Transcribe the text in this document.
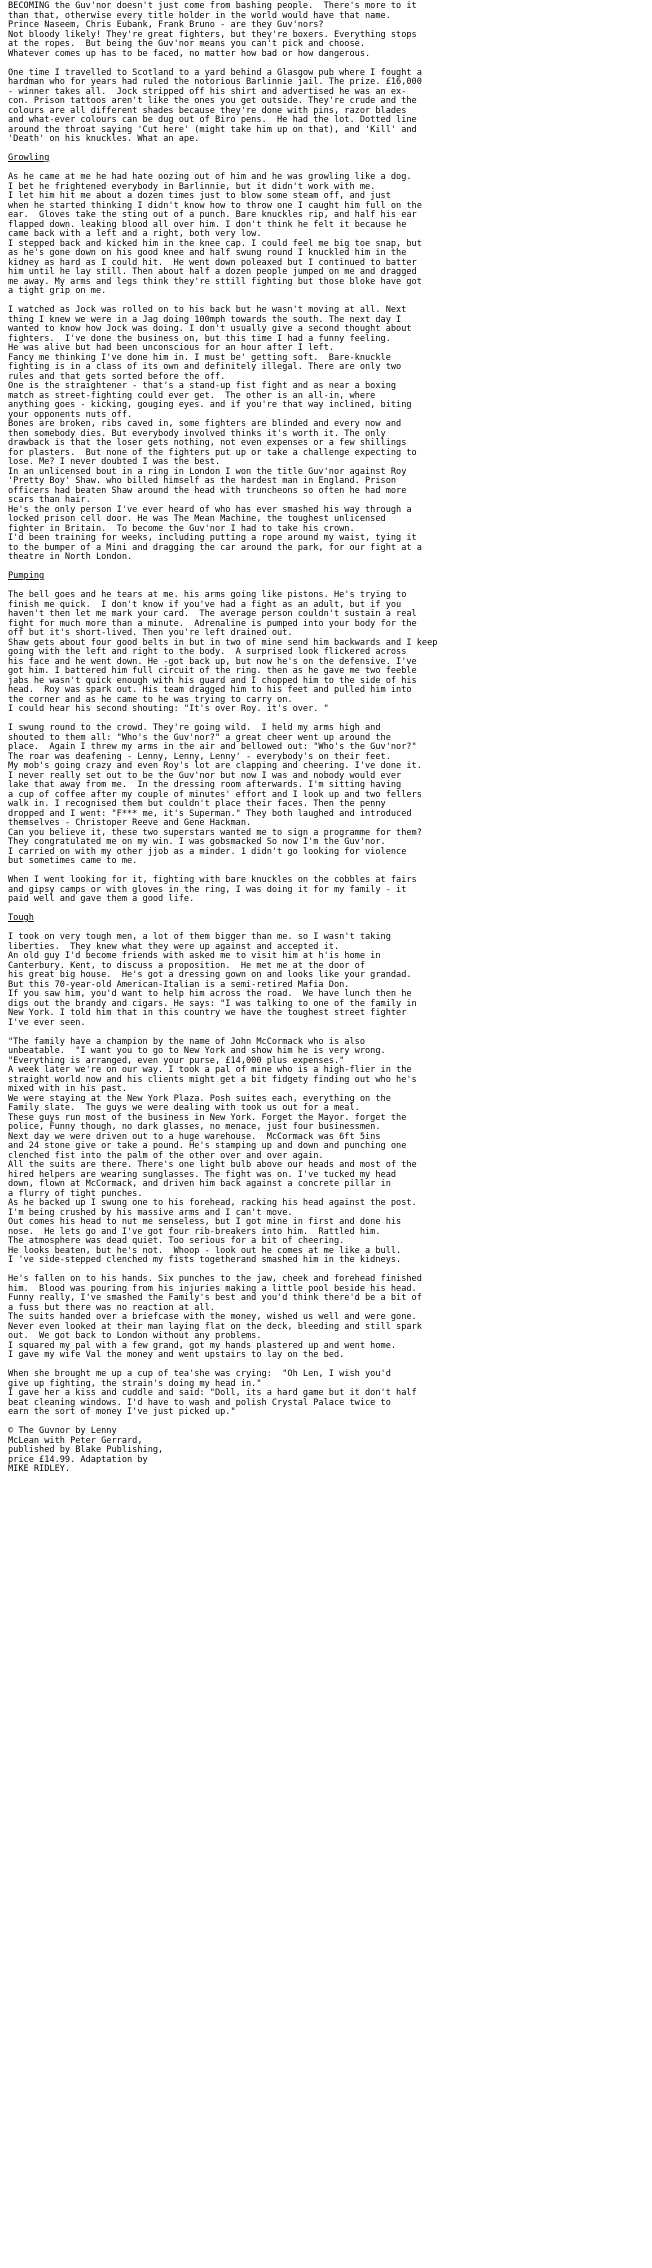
BECOMING the Guv'nor doesn't just come from bashing people.  There's more to it
than that, otherwise every title holder in the world would have that name.
Prince Naseem, Chris Eubank, Frank Bruno - are they Guv'nors?
Not bloody likely! They're great fighters, but they're boxers. Everything stops
at the ropes.  But being the Guv'nor means you can't pick and choose.
Whatever comes up has to be faced, no matter how bad or how dangerous.
One time I travelled to Scotland to a yard behind a Glasgow pub where I fought a
hardman who for years had ruled the notorious Barlinnie jail. The prize. £16,000
- winner takes all.  Jock stripped off his shirt and advertised he was an ex-
con. Prison tattoos aren't like the ones you get outside. They're crude and the
colours are all different shades because they're done with pins, razor blades
and what-ever colours can be dug out of Biro pens.  He had the lot. Dotted line
around the throat saying 'Cut here' (might take him up on that), and 'Kill' and
'Death' on his knuckles. What an ape.
Growling
As he came at me he had hate oozing out of him and he was growling like a dog.
I bet he frightened everybody in Barlinnie, but it didn't work with me.
I let him hit me about a dozen times just to blow some steam off, and just
when he started thinking I didn't know how to throw one I caught him full on the
ear.  Gloves take the sting out of a punch. Bare knuckles rip, and half his ear
flapped down. leaking blood all over him. I don't think he felt it because he
came back with a left and a right, both very low.
I stepped back and kicked him in the knee cap. I could feel me big toe snap, but
as he's gone down on his good knee and half swung round I knuckled him in the
kidney as hard as I could hit.  He went down poleaxed but I continued to batter
him until he lay still. Then about half a dozen people jumped on me and dragged
me away. My arms and legs think they're sttill fighting but those bloke have got
a tight grip on me.
I watched as Jock was rolled on to his back but he wasn't moving at all. Next
thing I knew we were in a Jag doing 100mph towards the south. The next day I
wanted to know how Jock was doing. I don't usually give a second thought about
fighters.  I've done the business on, but this time I had a funny feeling.
He was alive but had been unconscious for an hour after I left.
Fancy me thinking I've done him in. I must be' getting soft.  Bare-knuckle
fighting is in a class of its own and definitely illegal. There are only two
rules and that gets sorted before the off.
One is the straightener - that's a stand-up fist fight and as near a boxing
match as street-fighting could ever get.  The other is an all-in, where
anything goes - kicking, gouging eyes. and if you're that way inclined, biting
your opponents nuts off.
Bones are broken, ribs caved in, some fighters are blinded and every now and
then somebody dies. But everybody involved thinks it's worth it. The only
drawback is that the loser gets nothing, not even expenses or a few shillings
for plasters.  But none of the fighters put up or take a challenge expecting to
lose. Me? I never doubted I was the best.
In an unlicensed bout in a ring in London I won the title Guv'nor against Roy
'Pretty Boy' Shaw. who billed himself as the hardest man in England. Prison
officers had beaten Shaw around the head with truncheons so often he had more
scars than hair.
He's the only person I've ever heard of who has ever smashed his way through a
locked prison cell door. He was The Mean Machine, the toughest unlicensed
fighter in Britain.  To become the Guv'nor I had to take his crown.
I'd been training for weeks, including putting a rope around my waist, tying it
to the bumper of a Mini and dragging the car around the park, for our fight at a
theatre in North London.
Pumping
The bell goes and he tears at me. his arms going like pistons. He's trying to
finish me quick.  I don't know if you've had a fight as an adult, but if you
haven't then let me mark your card.  The average person couldn't sustain a real
fight for much more than a minute.  Adrenaline is pumped into your body for the
off but it's short-lived. Then you're left drained out.
Shaw gets about four good belts in but in two of mine send him backwards and I keep
going with the left and right to the body.  A surprised look flickered across
his face and he went down. He -got back up, but now he's on the defensive. I've
got him. I battered him full circuit of the ring. then as he gave me two feeble
jabs he wasn't quick enough with his guard and I chopped him to the side of his
head.  Roy was spark out. His team dragged him to his feet and pulled him into
the corner and as he came to he was trying to carry on.
I could hear his second shouting: "It's over Roy. it's over. "
I swung round to the crowd. They're going wild.  I held my arms high and
shouted to them all: "Who's the Guv'nor?" a great cheer went up around the
place.  Again I threw my arms in the air and bellowed out: "Who's the Guv'nor?"
The roar was deafening - Lenny, Lenny, Lenny' - everybody's on their feet.
My mob's going crazy and even Roy's lot are clapping and cheering. I've done it.
I never really set out to be the Guv'nor but now I was and nobody would ever
lake that away from me.  In the dressing room afterwards. I'm sitting having
a cup of coffee after my couple of minutes' effort and I look up and two fellers
walk in. I recognised them but couldn't place their faces. Then the penny
dropped and I went: "F*** me, it's Superman." They both laughed and introduced
themselves - Christoper Reeve and Gene Hackman.
Can you believe it, these two superstars wanted me to sign a programme for them?
They congratulated me on my win. I was gobsmacked So now I'm the Guv'nor.
I carried on with my other jjob as a minder. 1 didn't go looking for violence
but sometimes came to me.
When I went looking for it, fighting with bare knuckles on the cobbles at fairs
and gipsy camps or with gloves in the ring, I was doing it for my family - it
paid well and gave them a good life.
Tough
I took on very tough men, a lot of them bigger than me. so I wasn't taking
liberties.  They knew what they were up against and accepted it.
An old guy I'd become friends with asked me to visit him at h'is home in
Canterbury. Kent, to discuss a proposition.  He met me at the door of
his great big house.  He's got a dressing gown on and looks like your grandad.
But this 70-year-old American-Italian is a semi-retired Mafia Don.
If you saw him, you'd want to help him across the road.  We have lunch then he
digs out the brandy and cigars. He says: "I was talking to one of the family in
New York. I told him that in this country we have the toughest street fighter
I've ever seen.
"The family have a champion by the name of John McCormack who is also
unbeatable.  "I want you to go to New York and show him he is very wrong.
"Everything is arranged, even your purse, £14,000 plus expenses."
A week later we're on our way. I took a pal of mine who is a high-flier in the
straight world now and his clients might get a bit fidgety finding out who he's
mixed with in his past.
We were staying at the New York Plaza. Posh suites each, everything on the
Family slate.  The guys we were dealing with took us out for a meal.
These guys run most of the business in New York. Forget the Mayor. forget the
police, Funny though, no dark glasses, no menace, just four businessmen.
Next day we were driven out to a huge warehouse.  McCormack was 6ft 5ins
and 24 stone give or take a pound. He's stamping up and down and punching one
clenched fist into the palm of the other over and over again.
All the suits are there. There's one light bulb above our heads and most of the
hired helpers are wearing sunglasses. The fight was on. I've tucked my head
down, flown at McCormack, and driven him back against a concrete pillar in
a flurry of tight punches.
As he backed up I swung one to his forehead, racking his head against the post.
I'm being crushed by his massive arms and I can't move.
Out comes his head to nut me senseless, but I got mine in first and done his
nose.  He lets go and I've got four rib-breakers into him.  Rattled him.
The atmosphere was dead quiet. Too serious for a bit of cheering.
He looks beaten, but he's not.  Whoop - look out he comes at me like a bull.
I 've side-stepped clenched my fists togetherand smashed him in the kidneys.
He's fallen on to his hands. Six punches to the jaw, cheek and forehead finished
him.  Blood was pouring from his injuries making a little pool beside his head.
Funny really, I've smashed the Family's best and you'd think there'd be a bit of
a fuss but there was no reaction at all.
The suits handed over a briefcase with the money, wished us well and were gone.
Never even looked at their man laying flat on the deck, bleeding and still spark
out.  We got back to London without any problems.
I squared my pal with a few grand, got my hands plastered up and went home.
I gave my wife Val the money and went upstairs to lay on the bed.
When she brought me up a cup of tea'she was crying:  "Oh Len, I wish you'd
give up fighting, the strain's doing my head in."
I gave her a kiss and cuddle and said: "Doll, its a hard game but it don't half
beat cleaning windows. I'd have to wash and polish Crystal Palace twice to
earn the sort of money I've just picked up."
© The Guvnor by Lenny
McLean with Peter Gerrard,
published by Blake Publishing,
price £14.99. Adaptation by
MIKE RIDLEY.
